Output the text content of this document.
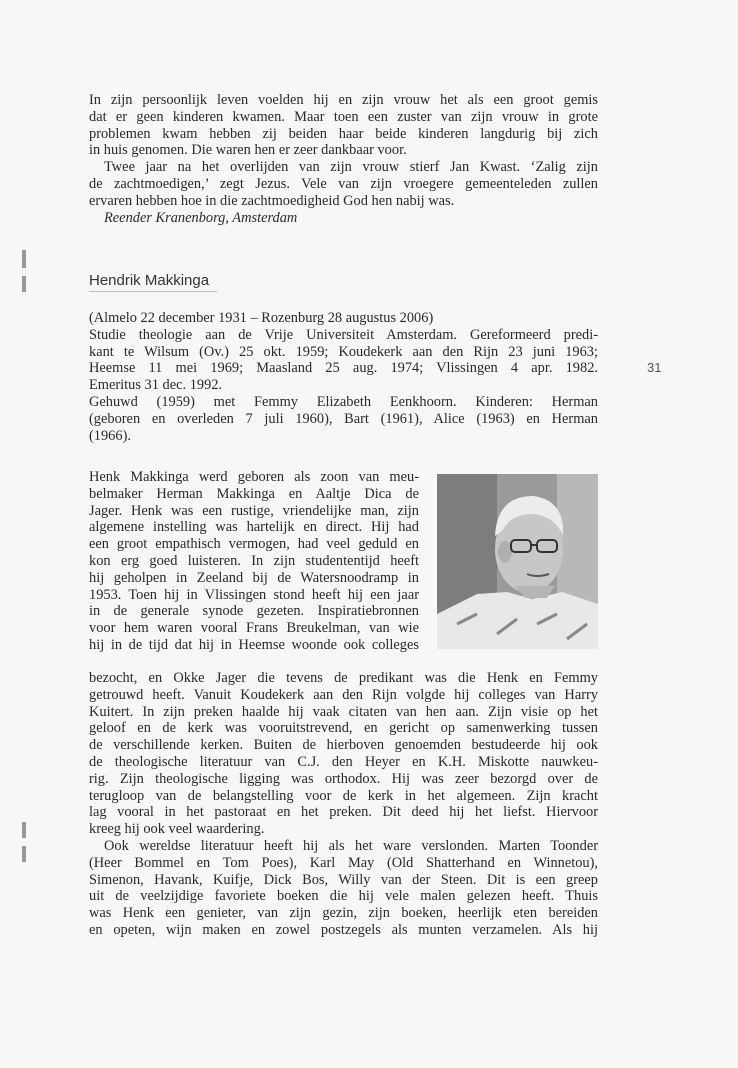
In zijn persoonlijk leven voelden hij en zijn vrouw het als een groot gemis
dat er geen kinderen kwamen. Maar toen een zuster van zijn vrouw in grote
problemen kwam hebben zij beiden haar beide kinderen langdurig bij zich
in huis genomen. Die waren hen er zeer dankbaar voor.
Twee jaar na het overlijden van zijn vrouw stierf Jan Kwast. ‘Zalig zijn
de zachtmoedigen,’ zegt Jezus. Vele van zijn vroegere gemeenteleden zullen
ervaren hebben hoe in die zachtmoedigheid God hen nabij was.
Reender Kranenborg, Amsterdam
Hendrik Makkinga
(Almelo 22 december 1931 – Rozenburg 28 augustus 2006)
Studie theologie aan de Vrije Universiteit Amsterdam. Gereformeerd predi-
kant te Wilsum (Ov.) 25 okt. 1959; Koudekerk aan den Rijn 23 juni 1963;
Heemse 11 mei 1969; Maasland 25 aug. 1974; Vlissingen 4 apr. 1982.
Emeritus 31 dec. 1992.
Gehuwd (1959) met Femmy Elizabeth Eenkhoorn. Kinderen: Herman
(geboren en overleden 7 juli 1960), Bart (1961), Alice (1963) en Herman
(1966).
Henk Makkinga werd geboren als zoon van meu-
belmaker Herman Makkinga en Aaltje Dica de
Jager. Henk was een rustige, vriendelijke man, zijn
algemene instelling was hartelijk en direct. Hij had
een groot empathisch vermogen, had veel geduld en
kon erg goed luisteren. In zijn studententijd heeft
hij geholpen in Zeeland bij de Watersnoodramp in
1953. Toen hij in Vlissingen stond heeft hij een jaar
in de generale synode gezeten. Inspiratiebronnen
voor hem waren vooral Frans Breukelman, van wie
hij in de tijd dat hij in Heemse woonde ook colleges
bezocht, en Okke Jager die tevens de predikant was die Henk en Femmy
getrouwd heeft. Vanuit Koudekerk aan den Rijn volgde hij colleges van Harry
Kuitert. In zijn preken haalde hij vaak citaten van hen aan. Zijn visie op het
geloof en de kerk was vooruitstrevend, en gericht op samenwerking tussen
de verschillende kerken. Buiten de hierboven genoemden bestudeerde hij ook
de theologische literatuur van C.J. den Heyer en K.H. Miskotte nauwkeu-
rig. Zijn theologische ligging was orthodox. Hij was zeer bezorgd over de
terugloop van de belangstelling voor de kerk in het algemeen. Zijn kracht
lag vooral in het pastoraat en het preken. Dit deed hij het liefst. Hiervoor
kreeg hij ook veel waardering.
Ook wereldse literatuur heeft hij als het ware verslonden. Marten Toonder
(Heer Bommel en Tom Poes), Karl May (Old Shatterhand en Winnetou),
Simenon, Havank, Kuifje, Dick Bos, Willy van der Steen. Dit is een greep
uit de veelzijdige favoriete boeken die hij vele malen gelezen heeft. Thuis
was Henk een genieter, van zijn gezin, zijn boeken, heerlijk eten bereiden
en opeten, wijn maken en zowel postzegels als munten verzamelen. Als hij
31
